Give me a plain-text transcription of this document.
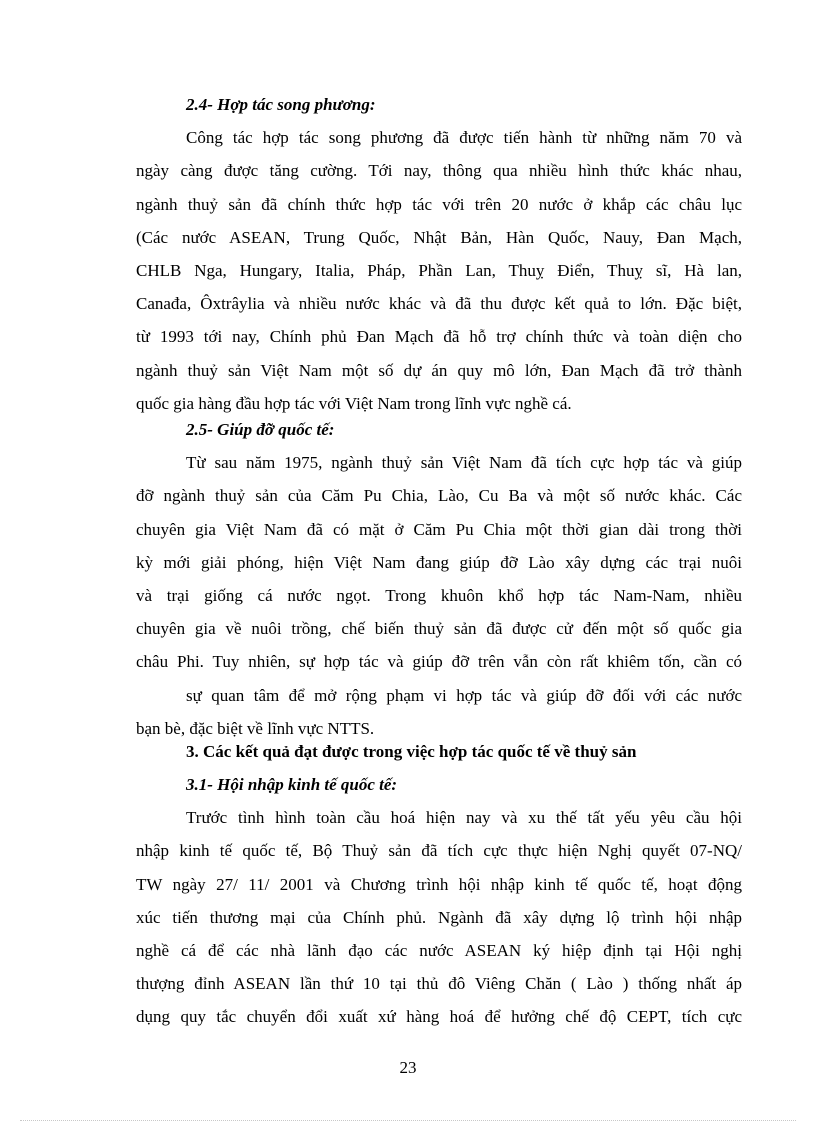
2.4- Hợp tác song phương:
Công tác hợp tác song phương đã được tiến hành từ những năm 70 và
ngày càng được tăng cường. Tới nay, thông qua nhiều hình thức khác nhau,
ngành thuỷ sản đã chính thức hợp tác với trên 20 nước ở khắp các châu lục
(Các nước ASEAN, Trung Quốc, Nhật Bản, Hàn Quốc, Nauy, Đan Mạch,
CHLB Nga, Hungary, Italia, Pháp, Phần Lan, Thuỵ Điển, Thuỵ sĩ, Hà lan,
Canađa, Ôxtrâylia và nhiều nước khác và đã thu được kết quả to lớn. Đặc biệt,
từ 1993 tới nay, Chính phủ Đan Mạch đã hỗ trợ chính thức và toàn diện cho
ngành thuỷ sản Việt Nam một số dự án quy mô lớn, Đan Mạch đã trở thành
quốc gia hàng đầu hợp tác với Việt Nam trong lĩnh vực nghề cá.
2.5- Giúp đỡ quốc tế:
Từ sau năm 1975, ngành thuỷ sản Việt Nam đã tích cực hợp tác và giúp
đỡ ngành thuỷ sản của Căm Pu Chia, Lào, Cu Ba và một số nước khác. Các
chuyên gia Việt Nam đã có mặt ở Căm Pu Chia một thời gian dài trong thời
kỳ mới giải phóng, hiện Việt Nam đang giúp đỡ Lào xây dựng các trại nuôi
và trại giống cá nước ngọt. Trong khuôn khổ hợp tác Nam-Nam, nhiều
chuyên gia về nuôi trồng, chế biến thuỷ sản đã được cử đến một số quốc gia
châu Phi. Tuy nhiên, sự hợp tác và giúp đỡ trên vẫn còn rất khiêm tốn, cần có
sự quan tâm để mở rộng phạm vi hợp tác và giúp đỡ đối với các nước
bạn bè, đặc biệt về lĩnh vực NTTS.
3. Các kết quả đạt được trong việc hợp tác quốc tế về thuỷ sản
3.1- Hội nhập kinh tế quốc tế:
Trước tình hình toàn cầu hoá hiện nay và xu thế tất yếu yêu cầu hội
nhập kinh tế quốc tế, Bộ Thuỷ sản đã tích cực thực hiện Nghị quyết 07-NQ/
TW ngày 27/ 11/ 2001 và Chương trình hội nhập kinh tế quốc tế, hoạt động
xúc tiến thương mại của Chính phủ. Ngành đã xây dựng lộ trình hội nhập
nghề cá để các nhà lãnh đạo các nước ASEAN ký hiệp định tại Hội nghị
thượng đỉnh ASEAN lần thứ 10 tại thủ đô Viêng Chăn ( Lào ) thống nhất áp
dụng quy tắc chuyển đổi xuất xứ hàng hoá để hưởng chế độ CEPT, tích cực
23
